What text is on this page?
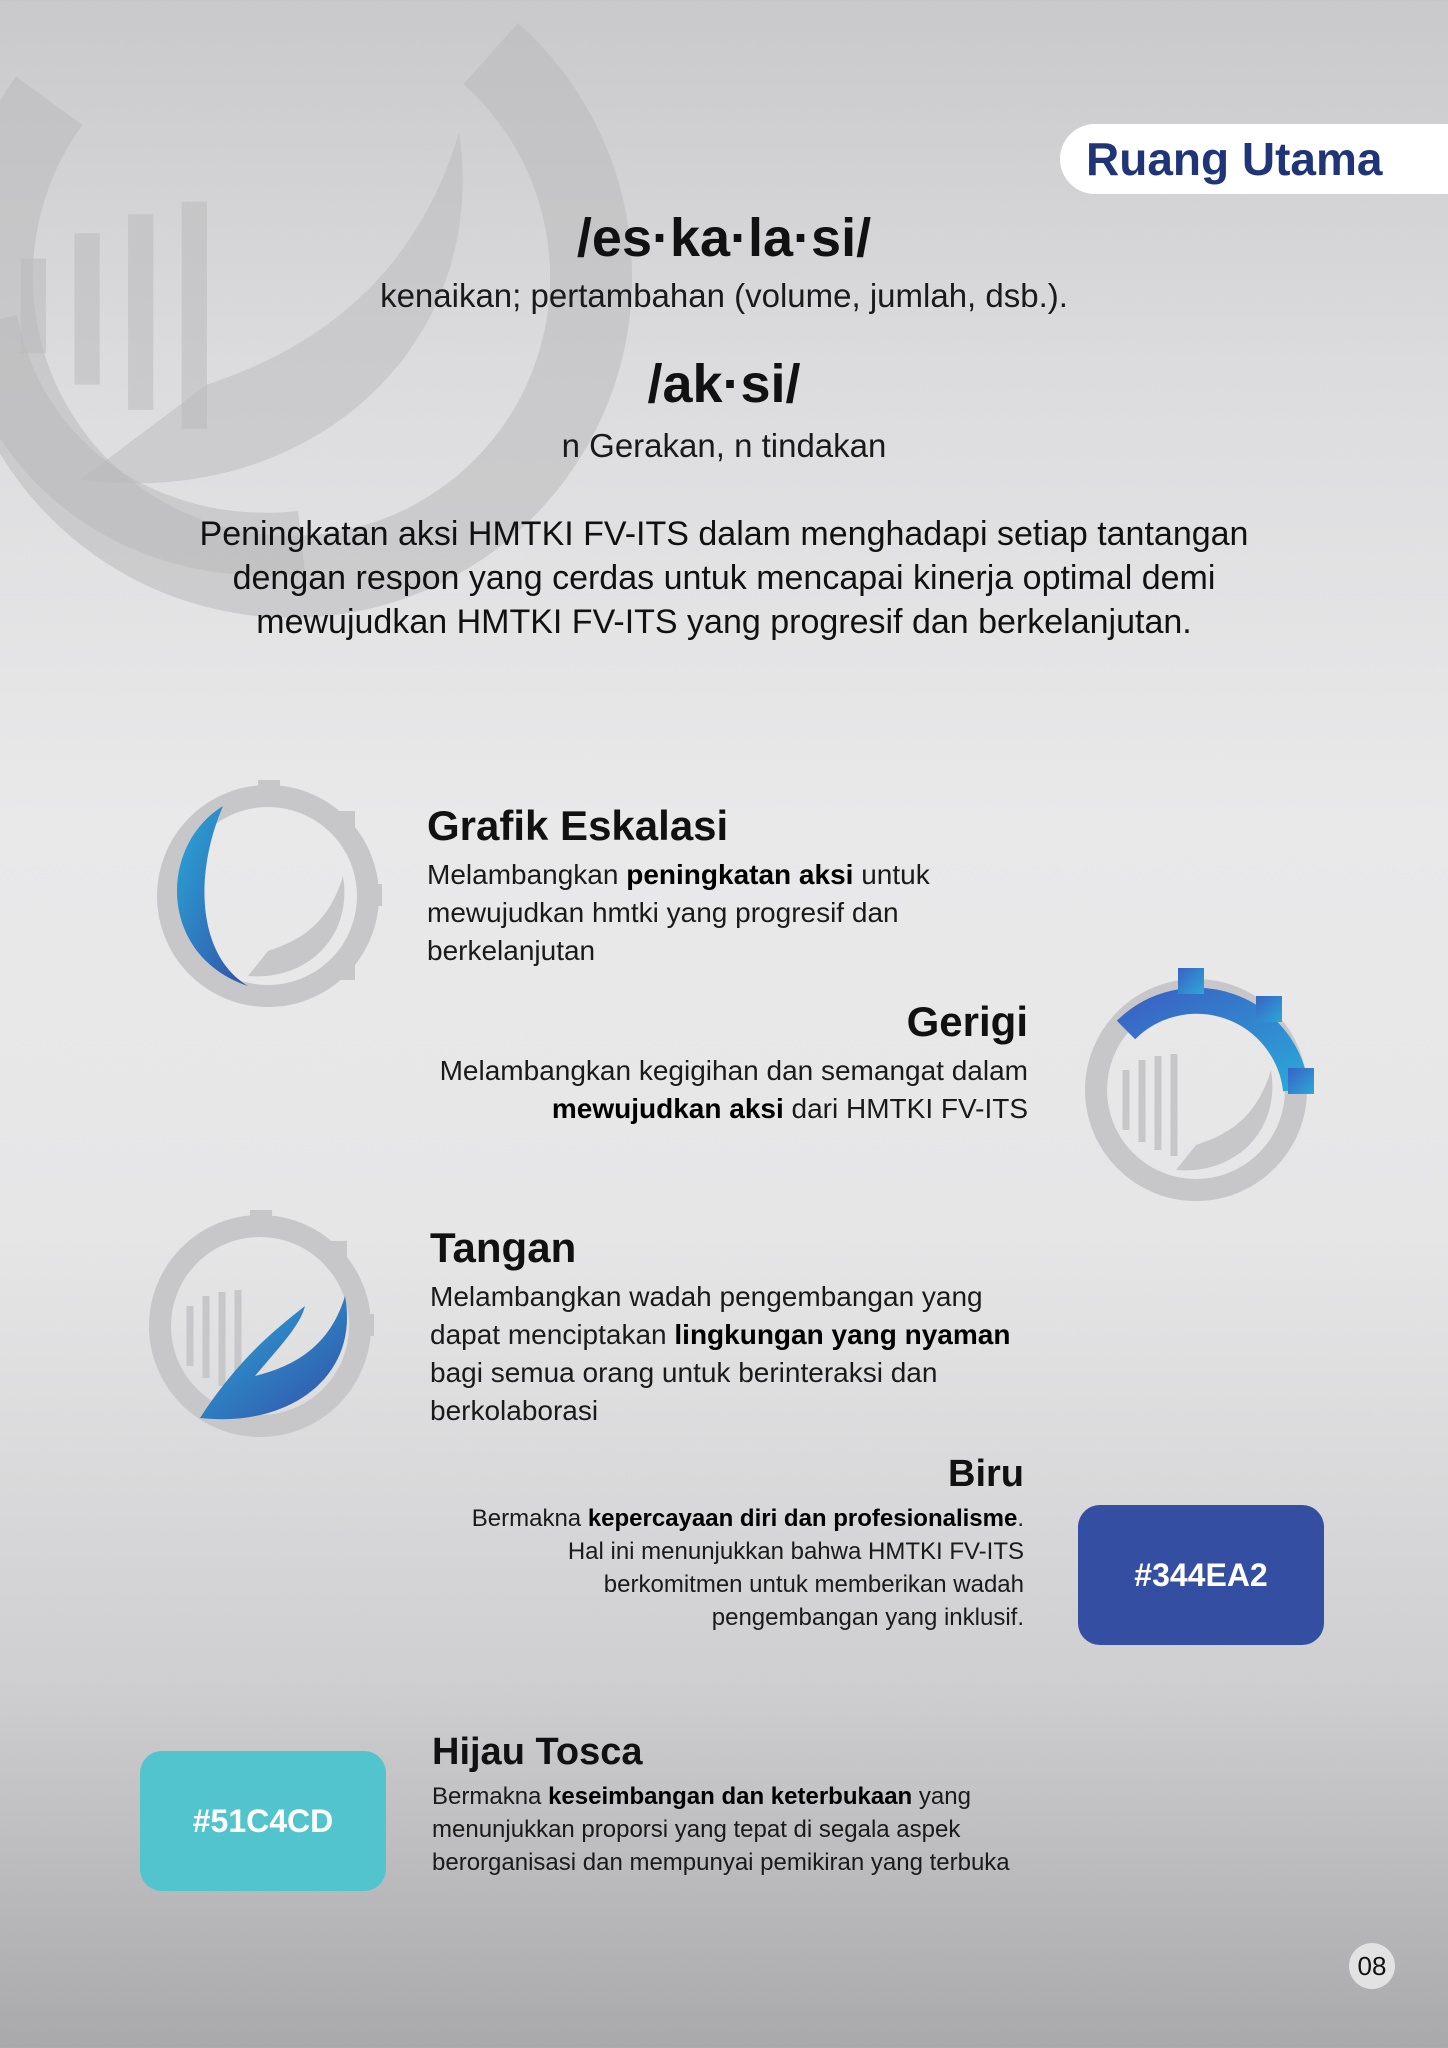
Ruang Utama
/es·ka·la·si/
kenaikan; pertambahan (volume, jumlah, dsb.).
/ak·si/
n Gerakan, n tindakan
Peningkatan aksi HMTKI FV-ITS dalam menghadapi setiap tantangan dengan respon yang cerdas untuk mencapai kinerja optimal demi mewujudkan HMTKI FV-ITS yang progresif dan berkelanjutan.
Grafik Eskalasi

Melambangkan peningkatan aksi untuk mewujudkan hmtki yang progresif dan berkelanjutan

Gerigi

Melambangkan kegigihan dan semangat dalam mewujudkan aksi dari HMTKI FV-ITS

Tangan

Melambangkan wadah pengembangan yang dapat menciptakan lingkungan yang nyaman bagi semua orang untuk berinteraksi dan berkolaborasi

Biru

Bermakna kepercayaan diri dan profesionalisme. Hal ini menunjukkan bahwa HMTKI FV-ITS berkomitmen untuk memberikan wadah pengembangan yang inklusif.

#344EA2
#51C4CD
Hijau Tosca

Bermakna keseimbangan dan keterbukaan yang menunjukkan proporsi yang tepat di segala aspek berorganisasi dan mempunyai pemikiran yang terbuka

08
